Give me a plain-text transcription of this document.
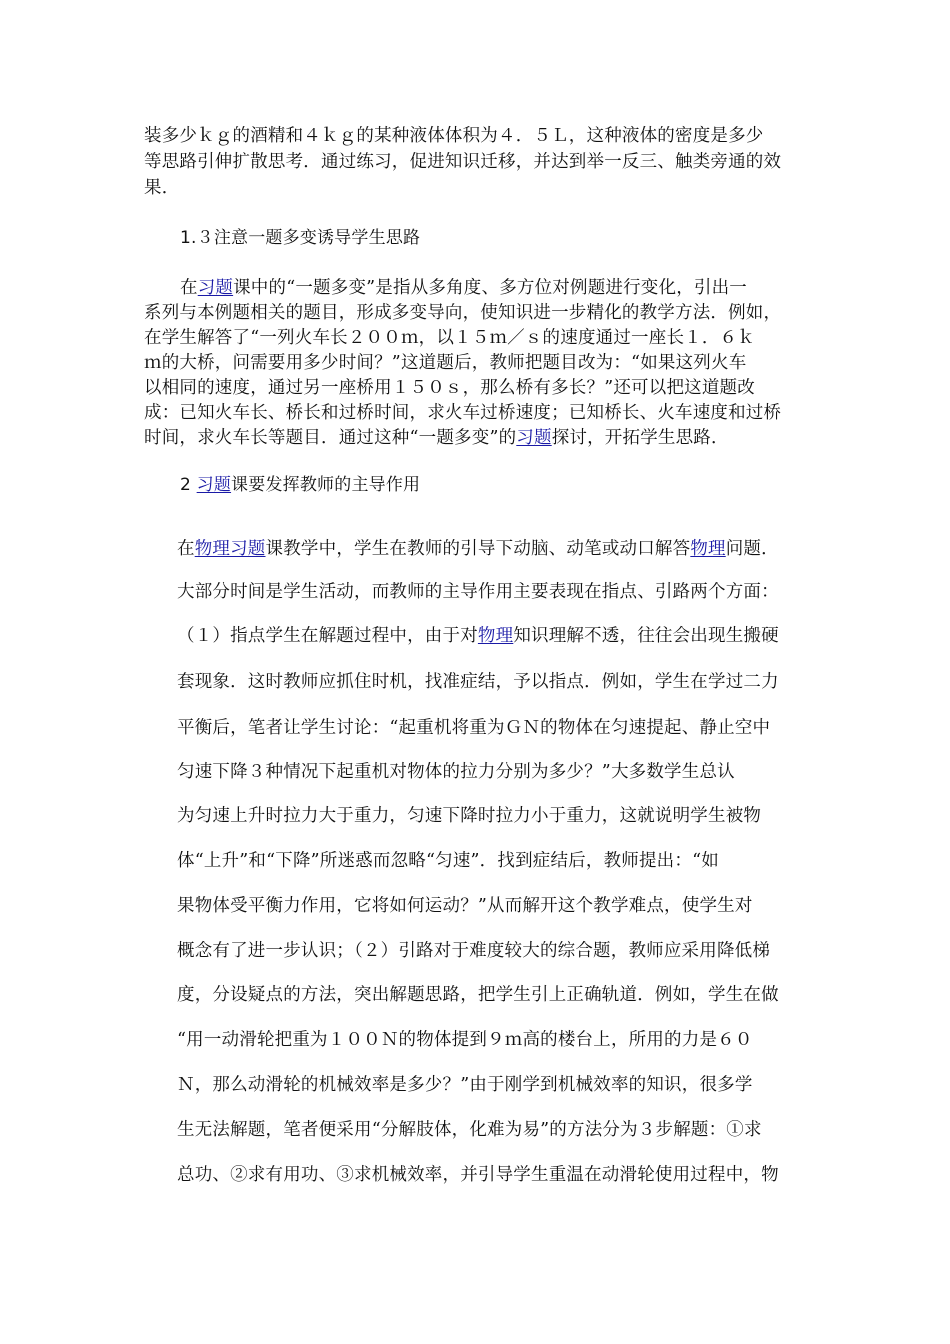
装多少ｋｇ的酒精和４ｋｇ的某种液体体积为４．５Ｌ，这种液体的密度是多少
等思路引伸扩散思考．通过练习，促进知识迁移，并达到举一反三、触类旁通的效
果．
1.３注意一题多变诱导学生思路
在习题课中的“一题多变”是指从多角度、多方位对例题进行变化，引出一
系列与本例题相关的题目，形成多变导向，使知识进一步精化的教学方法．例如，
在学生解答了“一列火车长２００ｍ，以１５ｍ／ｓ的速度通过一座长１．６ｋ
ｍ的大桥，问需要用多少时间？”这道题后，教师把题目改为：“如果这列火车
以相同的速度，通过另一座桥用１５０ｓ，那么桥有多长？”还可以把这道题改
成：已知火车长、桥长和过桥时间，求火车过桥速度；已知桥长、火车速度和过桥
时间，求火车长等题目．通过这种“一题多变”的习题探讨，开拓学生思路．
2 习题课要发挥教师的主导作用
在物理习题课教学中，学生在教师的引导下动脑、动笔或动口解答物理问题．
大部分时间是学生活动，而教师的主导作用主要表现在指点、引路两个方面：
（１）指点学生在解题过程中，由于对物理知识理解不透，往往会出现生搬硬
套现象．这时教师应抓住时机，找准症结，予以指点．例如，学生在学过二力
平衡后，笔者让学生讨论：“起重机将重为ＧＮ的物体在匀速提起、静止空中
匀速下降３种情况下起重机对物体的拉力分别为多少？”大多数学生总认
为匀速上升时拉力大于重力，匀速下降时拉力小于重力，这就说明学生被物
体“上升”和“下降”所迷惑而忽略“匀速”．找到症结后，教师提出：“如
果物体受平衡力作用，它将如何运动？”从而解开这个教学难点，使学生对
概念有了进一步认识；（２）引路对于难度较大的综合题，教师应采用降低梯
度，分设疑点的方法，突出解题思路，把学生引上正确轨道．例如，学生在做
“用一动滑轮把重为１００Ｎ的物体提到９ｍ高的楼台上，所用的力是６０
Ｎ，那么动滑轮的机械效率是多少？”由于刚学到机械效率的知识，很多学
生无法解题，笔者便采用“分解肢体，化难为易”的方法分为３步解题：①求
总功、②求有用功、③求机械效率，并引导学生重温在动滑轮使用过程中，物
